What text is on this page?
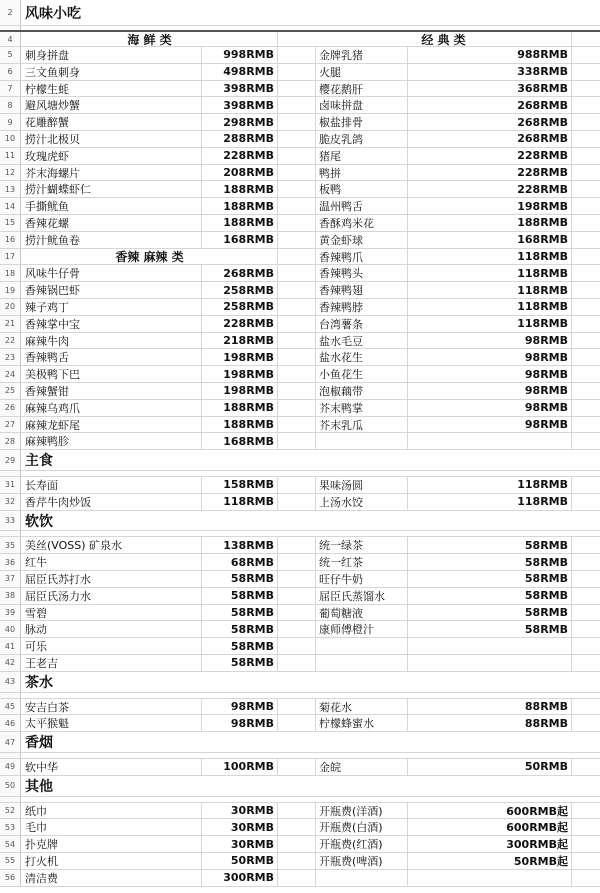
2 风味小吃
4	海 鲜 类	经 典 类
5	刺身拼盘	998RMB	金牌乳猪	988RMB
6	三文鱼刺身	498RMB	火腿	338RMB
7	柠檬生蚝	398RMB	樱花鹅肝	368RMB
8	避风塘炒蟹	398RMB	卤味拼盘	268RMB
9	花雕醉蟹	298RMB	椒盐排骨	268RMB
10 捞汁北极贝	288RMB	脆皮乳鸽	268RMB
11 玫瑰虎虾	228RMB	猪尾	228RMB
12 芥末海螺片	208RMB	鸭拼	228RMB
13 捞汁蝴蝶虾仁	188RMB	板鸭	228RMB
14 手撕鱿鱼	188RMB	温州鸭舌	198RMB
15 香辣花螺	188RMB	香酥鸡米花	188RMB
16 捞汁鱿鱼卷	168RMB	黄金虾球	168RMB
17	香辣 麻辣 类	香辣鸭爪	118RMB
18 风味牛仔骨	268RMB	香辣鸭头	118RMB
19 香辣锅巴虾	258RMB	香辣鸭翅	118RMB
20 辣子鸡丁	258RMB	香辣鸭脖	118RMB
21 香辣掌中宝	228RMB	台湾薯条	118RMB
22 麻辣牛肉	218RMB	盐水毛豆	98RMB
23 香辣鸭舌	198RMB	盐水花生	98RMB
24 美极鸭下巴	198RMB	小鱼花生	98RMB
25 香辣蟹钳	198RMB	泡椒藕带	98RMB
26 麻辣乌鸡爪	188RMB	芥末鸭掌	98RMB
27 麻辣龙虾尾	188RMB	芥末乳瓜	98RMB
28 麻辣鸭胗	168RMB
29 主食
31 长寿面	158RMB	果味汤圆	118RMB
32 香芹牛肉炒饭	118RMB	上汤水饺	118RMB
33 软饮
35 美丝(VOSS) 矿泉水	138RMB	统一绿茶	58RMB
36 红牛	68RMB	统一红茶	58RMB
37 屈臣氏苏打水	58RMB	旺仔牛奶	58RMB
38 屈臣氏汤力水	58RMB	屈臣氏蒸馏水	58RMB
39 雪碧	58RMB	葡萄糖液	58RMB
40 脉动	58RMB	康师傅橙汁	58RMB
41 可乐	58RMB
42 王老吉	58RMB
43 茶水
45 安吉白茶	98RMB	菊花水	88RMB
46 太平猴魁	98RMB	柠檬蜂蜜水	88RMB
47 香烟
49 软中华	100RMB	金皖	50RMB
50 其他
52 纸巾	30RMB	开瓶费(洋酒)	600RMB起
53 毛巾	30RMB	开瓶费(白酒)	600RMB起
54 扑克牌	30RMB	开瓶费(红酒)	300RMB起
55 打火机	50RMB	开瓶费(啤酒)	50RMB起
56 清洁费	300RMB
